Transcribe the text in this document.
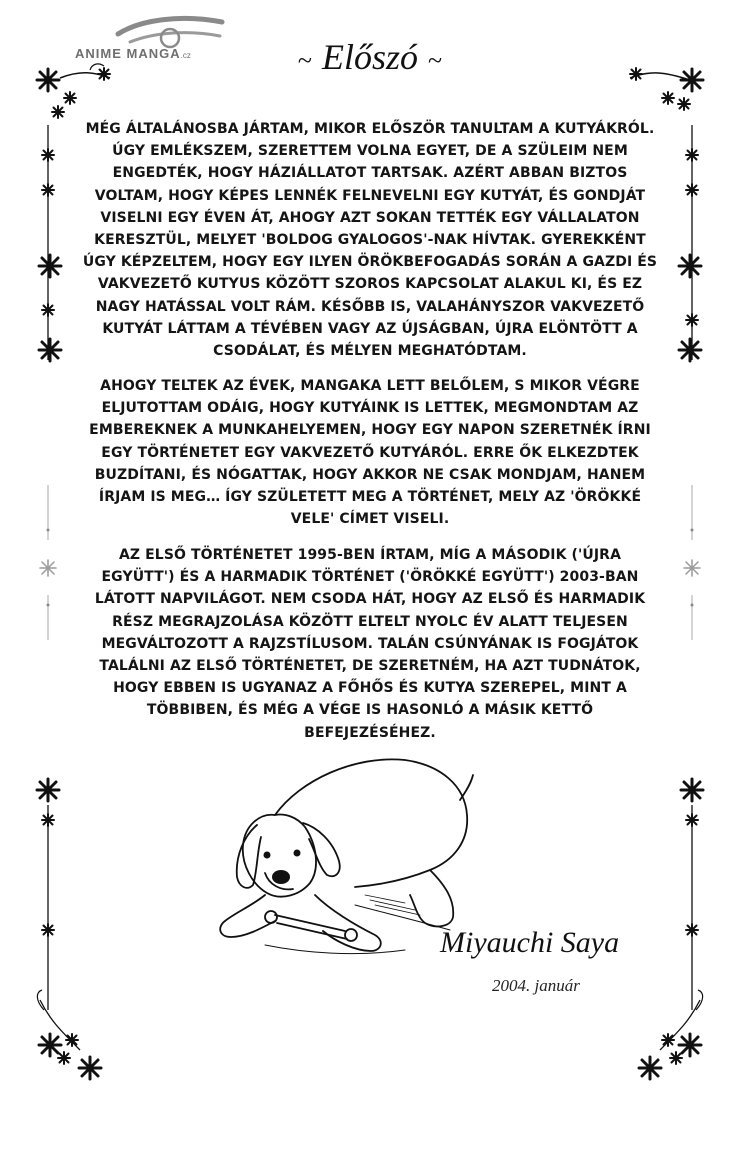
ANIME MANGA.cz	~ Előszó ~
MÉG ÁLTALÁNOSBA JÁRTAM, MIKOR ELŐSZÖR TANULTAM A KUTYÁKRÓL. ÚGY EMLÉKSZEM, SZERETTEM VOLNA EGYET, DE A SZÜLEIM NEM ENGEDTÉK, HOGY HÁZIÁLLATOT TARTSAK. AZÉRT ABBAN BIZTOS VOLTAM, HOGY KÉPES LENNÉK FELNEVELNI EGY KUTYÁT, ÉS GONDJÁT VISELNI EGY ÉVEN ÁT, AHOGY AZT SOKAN TETTÉK EGY VÁLLALATON KERESZTÜL, MELYET 'BOLDOG GYALOGOS'-NAK HÍVTAK. GYEREKKÉNT ÚGY KÉPZELTEM, HOGY EGY ILYEN ÖRÖKBEFOGADÁS SORÁN A GAZDI ÉS VAKVEZETŐ KUTYUS KÖZÖTT SZOROS KAPCSOLAT ALAKUL KI, ÉS EZ NAGY HATÁSSAL VOLT RÁM. KÉSŐBB IS, VALAHÁNYSZOR VAKVEZETŐ KUTYÁT LÁTTAM A TÉVÉBEN VAGY AZ ÚJSÁGBAN, ÚJRA ELÖNTÖTT A CSODÁLAT, ÉS MÉLYEN MEGHATÓDTAM.
AHOGY TELTEK AZ ÉVEK, MANGAKA LETT BELŐLEM, S MIKOR VÉGRE ELJUTOTTAM ODÁIG, HOGY KUTYÁINK IS LETTEK, MEGMONDTAM AZ EMBEREKNEK A MUNKAHELYEMEN, HOGY EGY NAPON SZERETNÉK ÍRNI EGY TÖRTÉNETET EGY VAKVEZETŐ KUTYÁRÓL. ERRE ŐK ELKEZDTEK BUZDÍTANI, ÉS NÓGATTAK, HOGY AKKOR NE CSAK MONDJAM, HANEM ÍRJAM IS MEG… ÍGY SZÜLETETT MEG A TÖRTÉNET, MELY AZ 'ÖRÖKKÉ VELE' CÍMET VISELI.
AZ ELSŐ TÖRTÉNETET 1995-BEN ÍRTAM, MÍG A MÁSODIK ('ÚJRA EGYÜTT') ÉS A HARMADIK TÖRTÉNET ('ÖRÖKKÉ EGYÜTT') 2003-BAN LÁTOTT NAPVILÁGOT. NEM CSODA HÁT, HOGY AZ ELSŐ ÉS HARMADIK RÉSZ MEGRAJZOLÁSA KÖZÖTT ELTELT NYOLC ÉV ALATT TELJESEN MEGVÁLTOZOTT A RAJZSTÍLUSOM. TALÁN CSÚNYÁNAK IS FOGJÁTOK TALÁLNI AZ ELSŐ TÖRTÉNETET, DE SZERETNÉM, HA AZT TUDNÁTOK, HOGY EBBEN IS UGYANAZ A FŐHŐS ÉS KUTYA SZEREPEL, MINT A TÖBBIBEN, ÉS MÉG A VÉGE IS HASONLÓ A MÁSIK KETTŐ BEFEJEZÉSÉHEZ.
Miyauchi Saya
2004. január
